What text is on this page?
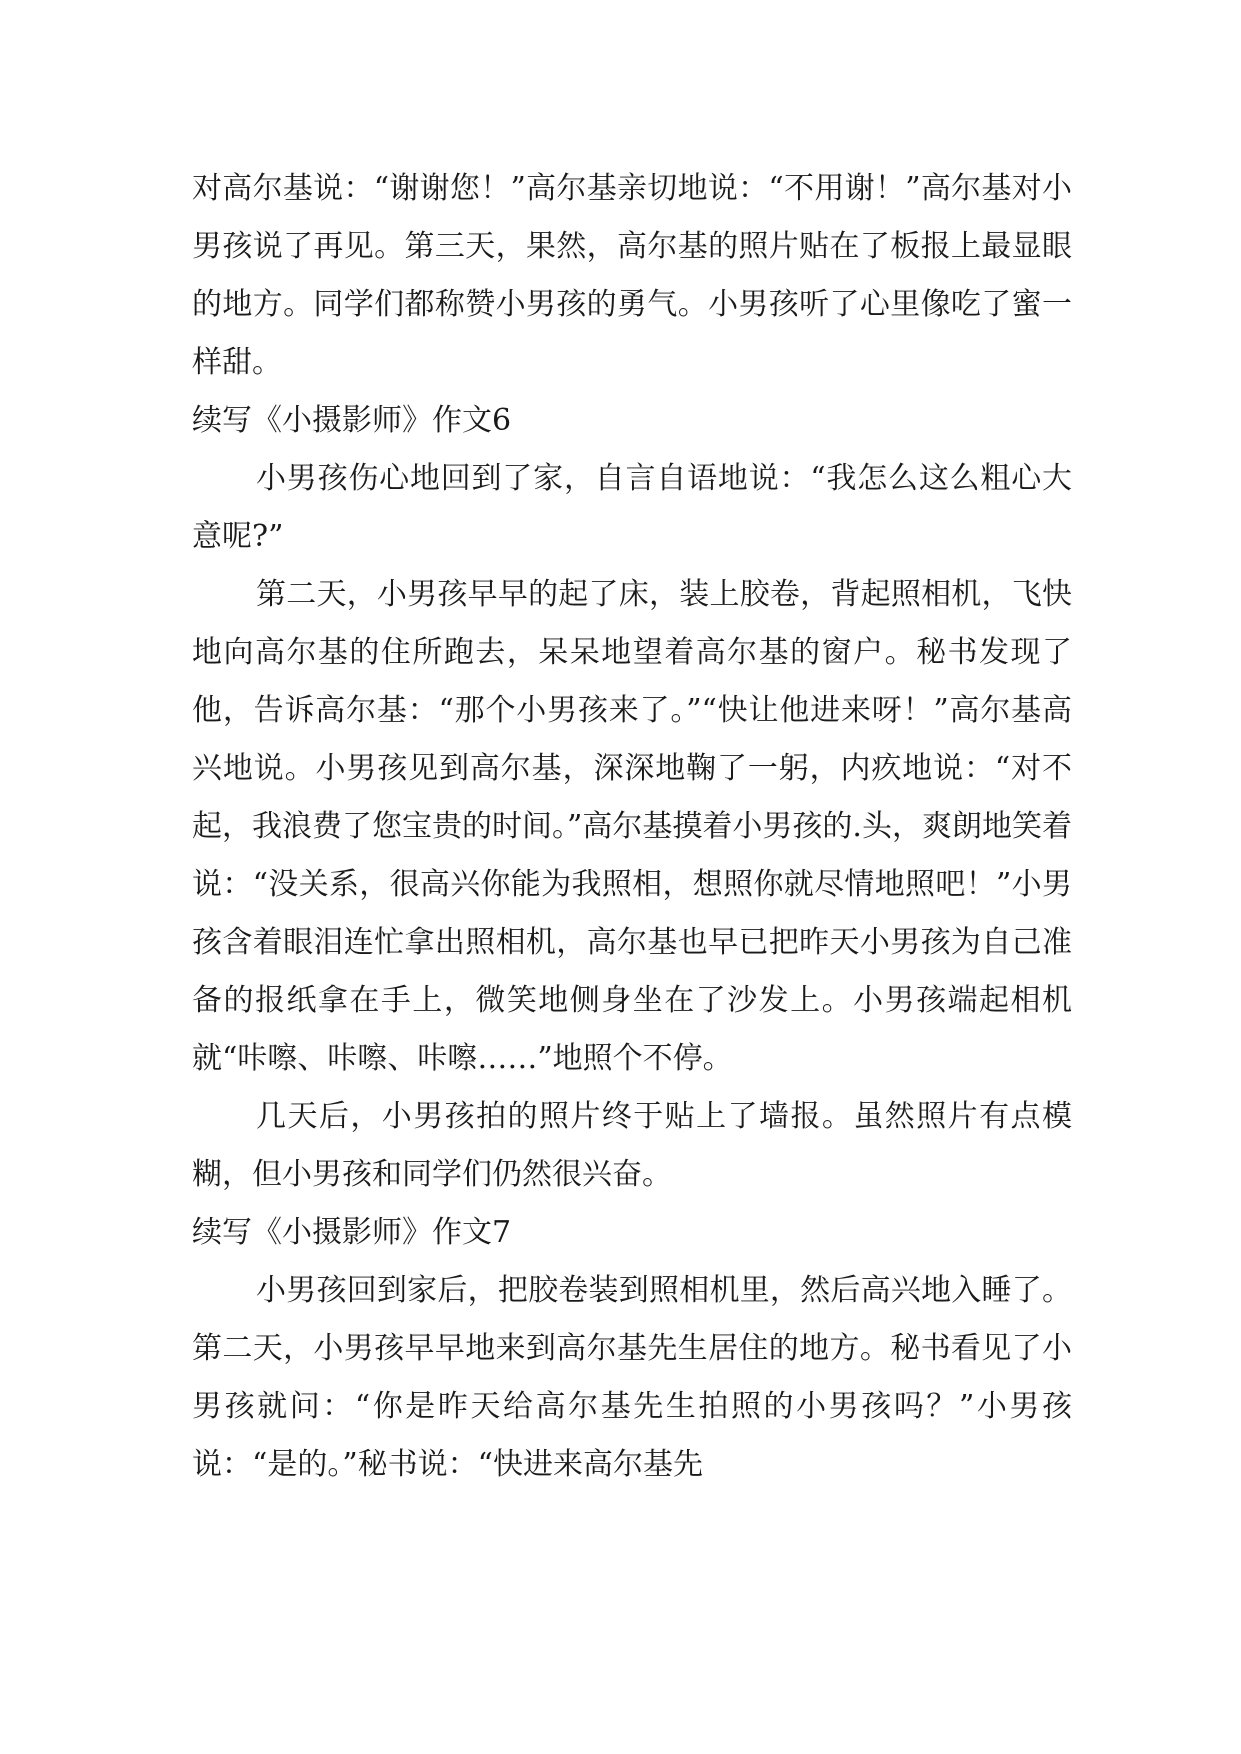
对高尔基说：“谢谢您！”高尔基亲切地说：“不用谢！”高尔基对小男孩说了再见。第三天，果然，高尔基的照片贴在了板报上最显眼的地方。同学们都称赞小男孩的勇气。小男孩听了心里像吃了蜜一样甜。

续写《小摄影师》作文6

小男孩伤心地回到了家，自言自语地说：“我怎么这么粗心大意呢?”

第二天，小男孩早早的起了床，装上胶卷，背起照相机，飞快地向高尔基的住所跑去，呆呆地望着高尔基的窗户。秘书发现了他，告诉高尔基：“那个小男孩来了。”“快让他进来呀！”高尔基高兴地说。小男孩见到高尔基，深深地鞠了一躬，内疚地说：“对不起，我浪费了您宝贵的时间。”高尔基摸着小男孩的.头，爽朗地笑着说：“没关系，很高兴你能为我照相，想照你就尽情地照吧！”小男孩含着眼泪连忙拿出照相机，高尔基也早已把昨天小男孩为自己准备的报纸拿在手上，微笑地侧身坐在了沙发上。小男孩端起相机就“咔嚓、咔嚓、咔嚓……”地照个不停。

几天后，小男孩拍的照片终于贴上了墙报。虽然照片有点模糊，但小男孩和同学们仍然很兴奋。

续写《小摄影师》作文7

小男孩回到家后，把胶卷装到照相机里，然后高兴地入睡了。 第二天，小男孩早早地来到高尔基先生居住的地方。秘书看见了小男孩就问：“你是昨天给高尔基先生拍照的小男孩吗？”小男孩说：“是的。”秘书说：“快进来高尔基先
